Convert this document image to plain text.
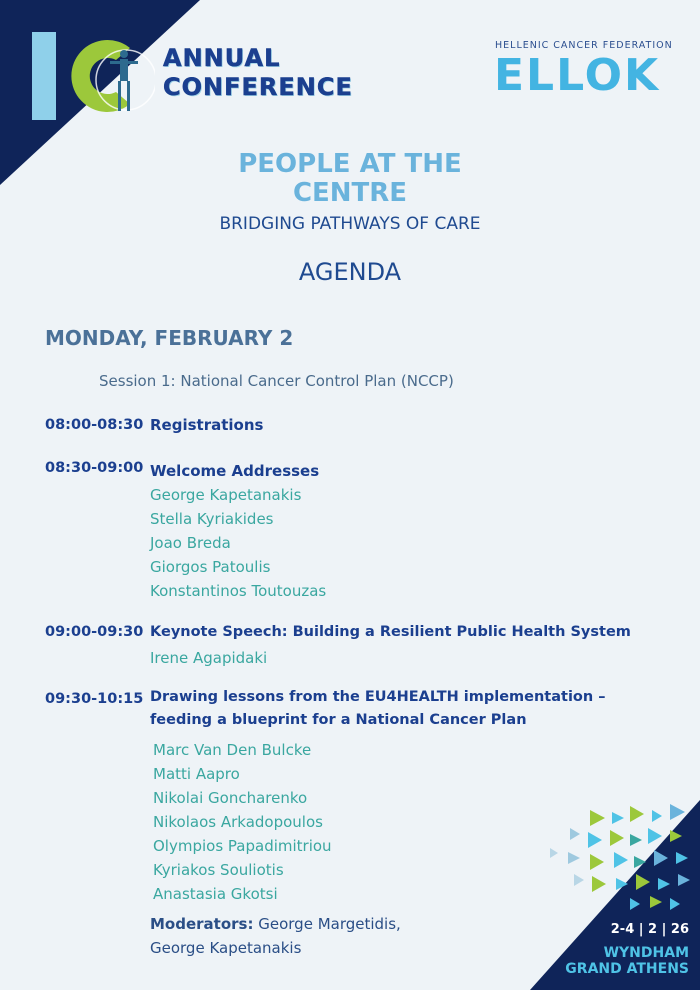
ANNUAL
CONFERENCE
HELLENIC CANCER FEDERATION
ELLOK
PEOPLE AT THE
CENTRE
BRIDGING PATHWAYS OF CARE
AGENDA
MONDAY, FEBRUARY 2
Session 1: National Cancer Control Plan (NCCP)
08:00-08:30 Registrations
08:30-09:00 Welcome Addresses
George Kapetanakis
Stella Kyriakides
Joao Breda
Giorgos Patoulis
Konstantinos Toutouzas
09:00-09:30 Keynote Speech: Building a Resilient Public Health System
Irene Agapidaki
09:30-10:15 Drawing lessons from the EU4HEALTH implementation –
feeding a blueprint for a National Cancer Plan
Marc Van Den Bulcke
Matti Aapro
Nikolai Goncharenko
Nikolaos Arkadopoulos
Olympios Papadimitriou
Kyriakos Souliotis
Anastasia Gkotsi
Moderators: George Margetidis,
George Kapetanakis
2-4 | 2 | 26
WYNDHAM
GRAND ATHENS
